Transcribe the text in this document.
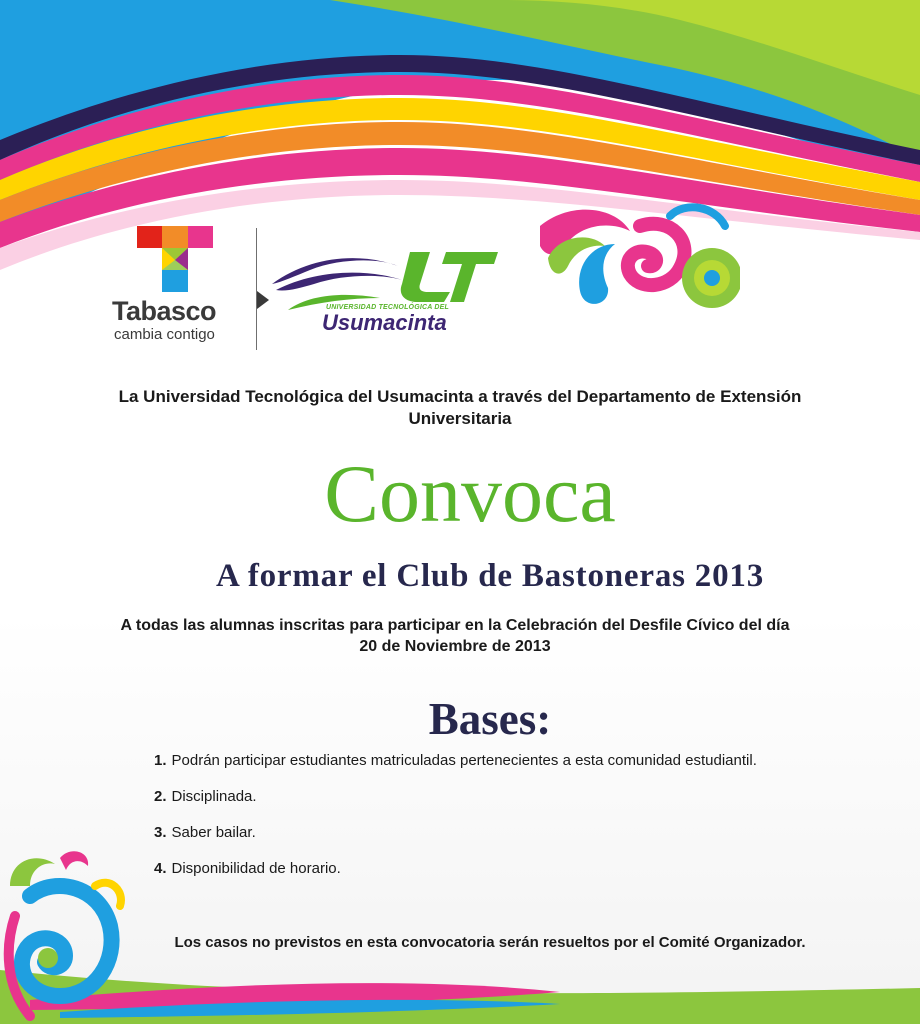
Tabasco
cambia contigo
UNIVERSIDAD TECNOLÓGICA DEL
Usumacinta

La Universidad Tecnológica del Usumacinta a través del Departamento de Extensión Universitaria

Convoca
A formar el Club de Bastoneras 2013

A todas las alumnas inscritas para participar en la Celebración del Desfile Cívico del día 20 de Noviembre de 2013

Bases:
1. Podrán participar estudiantes matriculadas pertenecientes a esta comunidad estudiantil.
2. Disciplinada.
3. Saber bailar.
4. Disponibilidad de horario.

Los casos no previstos en esta convocatoria serán resueltos por el Comité Organizador.
